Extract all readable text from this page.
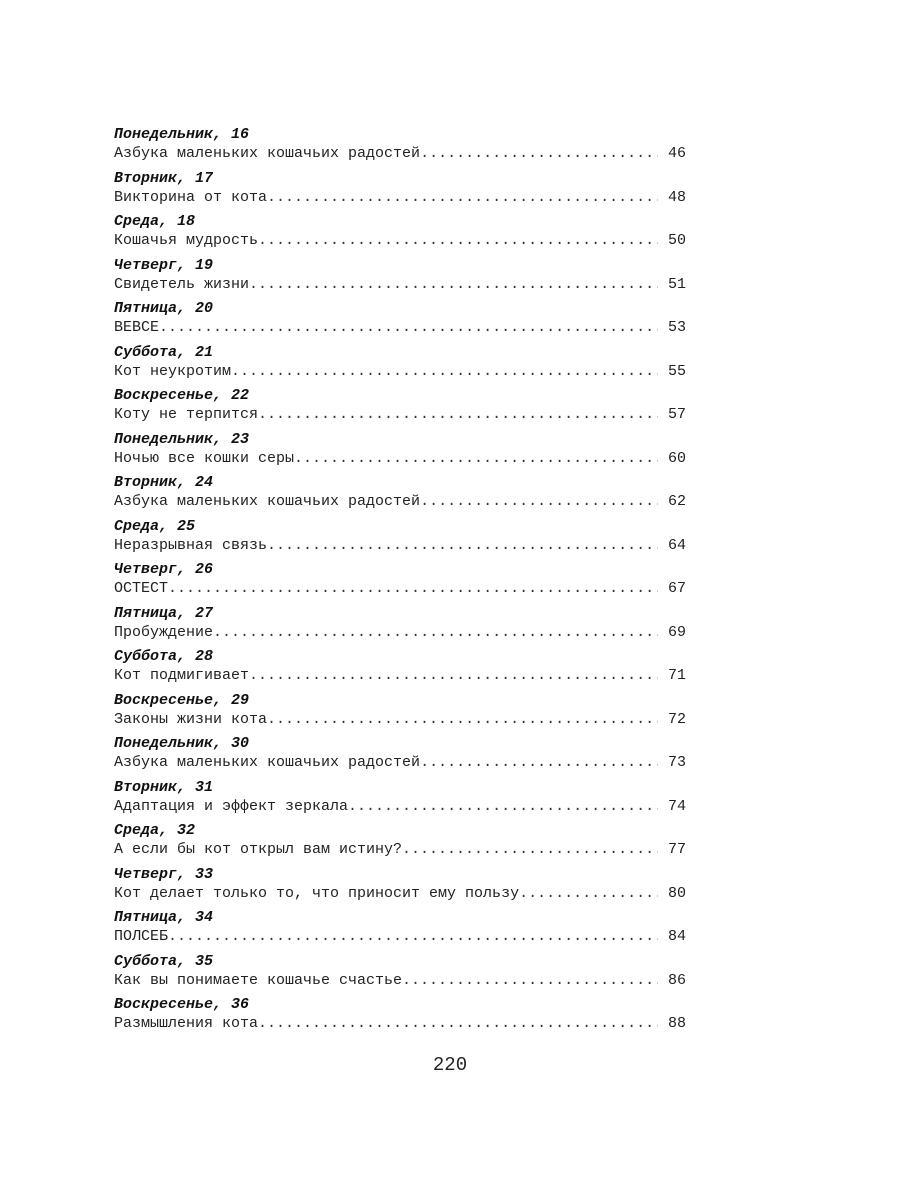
Понедельник, 16
Азбука маленьких кошачьих радостей .....	46
Вторник, 17
Викторина от кота .....	48
Среда, 18
Кошачья мудрость .....	50
Четверг, 19
Свидетель жизни .....	51
Пятница, 20
ВЕВСЕ .....	53
Суббота, 21
Кот неукротим .....	55
Воскресенье, 22
Коту не терпится .....	57
Понедельник, 23
Ночью все кошки серы .....	60
Вторник, 24
Азбука маленьких кошачьих радостей .....	62
Среда, 25
Неразрывная связь .....	64
Четверг, 26
ОСТЕСТ .....	67
Пятница, 27
Пробуждение .....	69
Суббота, 28
Кот подмигивает .....	71
Воскресенье, 29
Законы жизни кота .....	72
Понедельник, 30
Азбука маленьких кошачьих радостей .....	73
Вторник, 31
Адаптация и эффект зеркала .....	74
Среда, 32
А если бы кот открыл вам истину? .....	77
Четверг, 33
Кот делает только то, что приносит ему пользу .....	80
Пятница, 34
ПОЛСЕБ .....	84
Суббота, 35
Как вы понимаете кошачье счастье .....	86
Воскресенье, 36
Размышления кота .....	88
220
